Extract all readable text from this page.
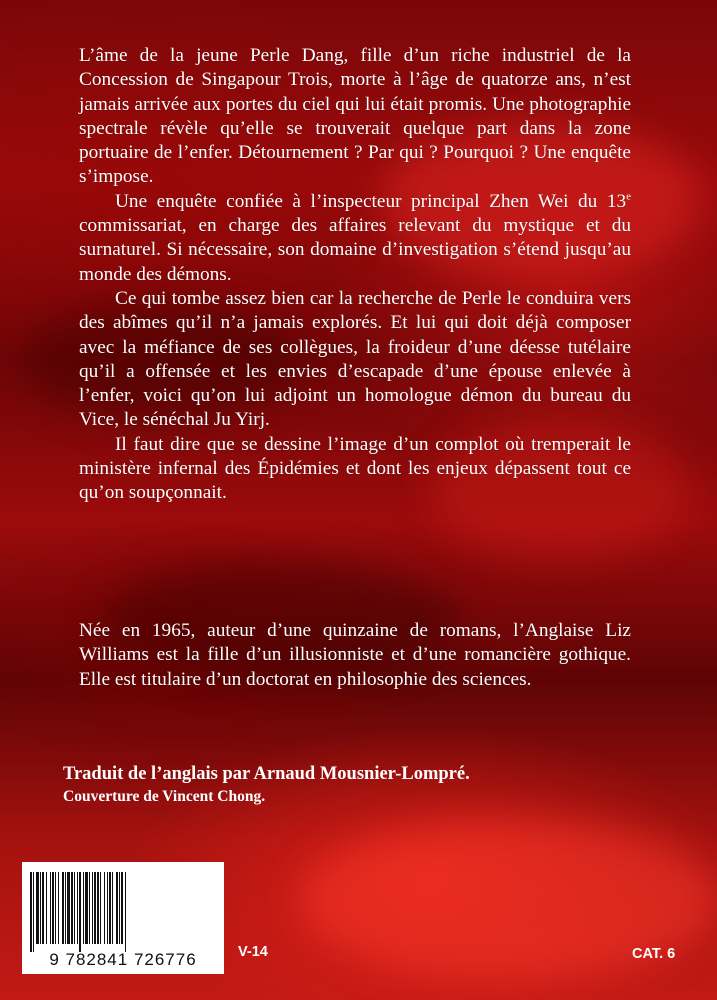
L’âme de la jeune Perle Dang, fille d’un riche industriel de la Concession de Singapour Trois, morte à l’âge de quatorze ans, n’est jamais arrivée aux portes du ciel qui lui était promis. Une photographie spectrale révèle qu’elle se trouverait quelque part dans la zone portuaire de l’enfer. Détournement ? Par qui ? Pourquoi ? Une enquête s’impose.

Une enquête confiée à l’inspecteur principal Zhen Wei du 13e commissariat, en charge des affaires relevant du mystique et du surnaturel. Si nécessaire, son domaine d’investigation s’étend jusqu’au monde des démons.

Ce qui tombe assez bien car la recherche de Perle le conduira vers des abîmes qu’il n’a jamais explorés. Et lui qui doit déjà composer avec la méfiance de ses collègues, la froideur d’une déesse tutélaire qu’il a offensée et les envies d’escapade d’une épouse enlevée à l’enfer, voici qu’on lui adjoint un homologue démon du bureau du Vice, le sénéchal Ju Yirj.

Il faut dire que se dessine l’image d’un complot où tremperait le ministère infernal des Épidémies et dont les enjeux dépassent tout ce qu’on soupçonnait.

Née en 1965, auteur d’une quinzaine de romans, l’Anglaise Liz Williams est la fille d’un illusionniste et d’une romancière gothique. Elle est titulaire d’un doctorat en philosophie des sciences.

Traduit de l’anglais par Arnaud Mousnier-Lompré.
Couverture de Vincent Chong.
9 782841 726776	V-14	CAT. 6
